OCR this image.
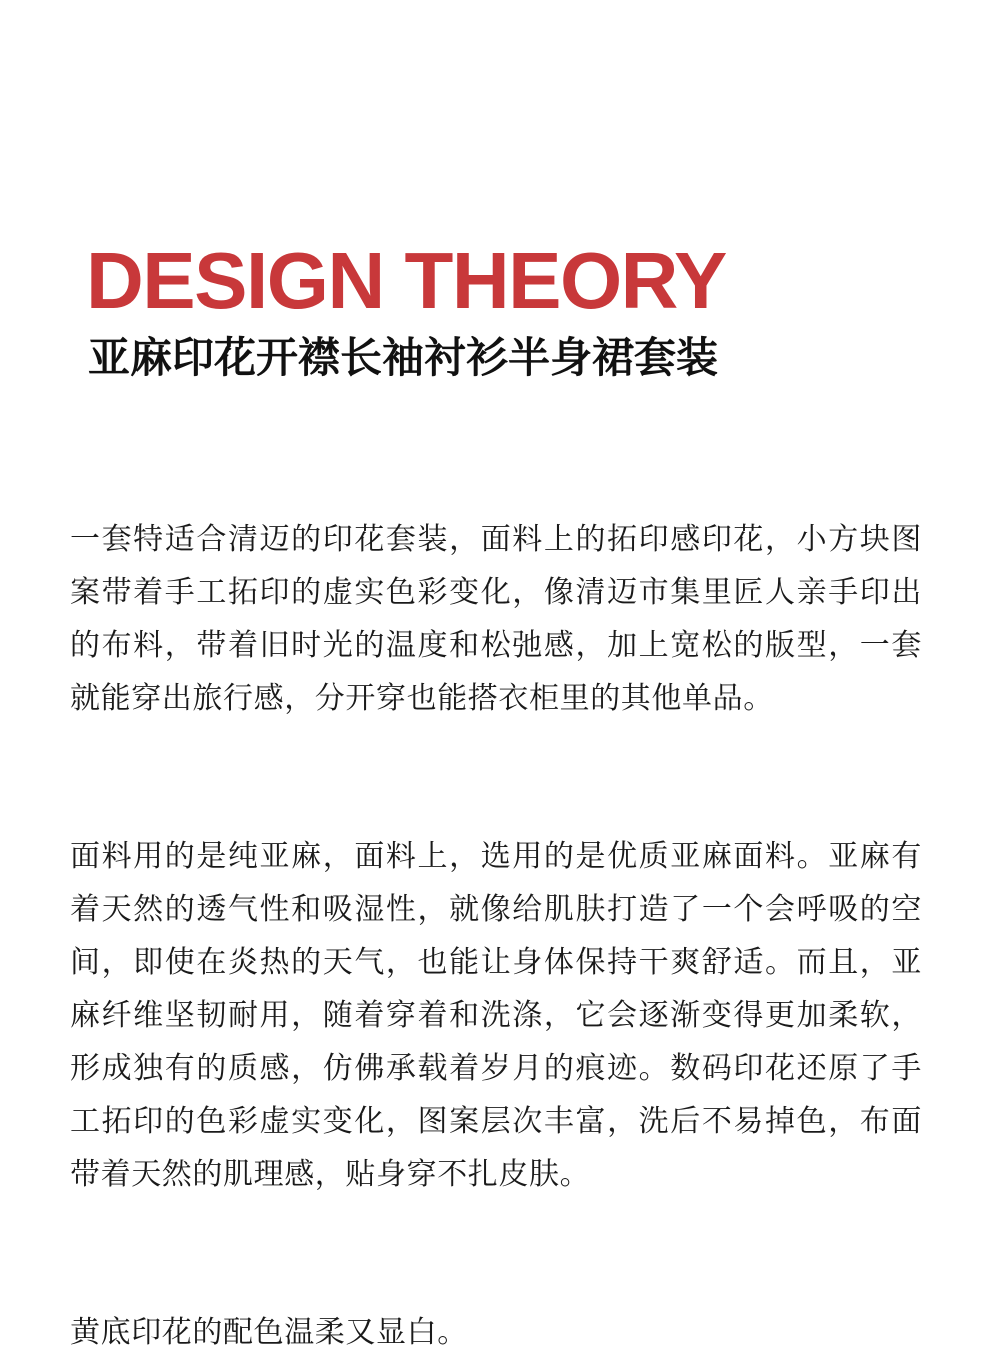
DESIGN THEORY
亚麻印花开襟长袖衬衫半身裙套装

一套特适合清迈的印花套装，面料上的拓印感印花，小方块图案带着手工拓印的虚实色彩变化，像清迈市集里匠人亲手印出的布料，带着旧时光的温度和松弛感，加上宽松的版型，一套就能穿出旅行感，分开穿也能搭衣柜里的其他单品。

面料用的是纯亚麻，面料上，选用的是优质亚麻面料。亚麻有着天然的透气性和吸湿性，就像给肌肤打造了一个会呼吸的空间，即使在炎热的天气，也能让身体保持干爽舒适。而且，亚麻纤维坚韧耐用，随着穿着和洗涤，它会逐渐变得更加柔软，形成独有的质感，仿佛承载着岁月的痕迹。数码印花还原了手工拓印的色彩虚实变化，图案层次丰富，洗后不易掉色，布面带着天然的肌理感，贴身穿不扎皮肤。

黄底印花的配色温柔又显白。
